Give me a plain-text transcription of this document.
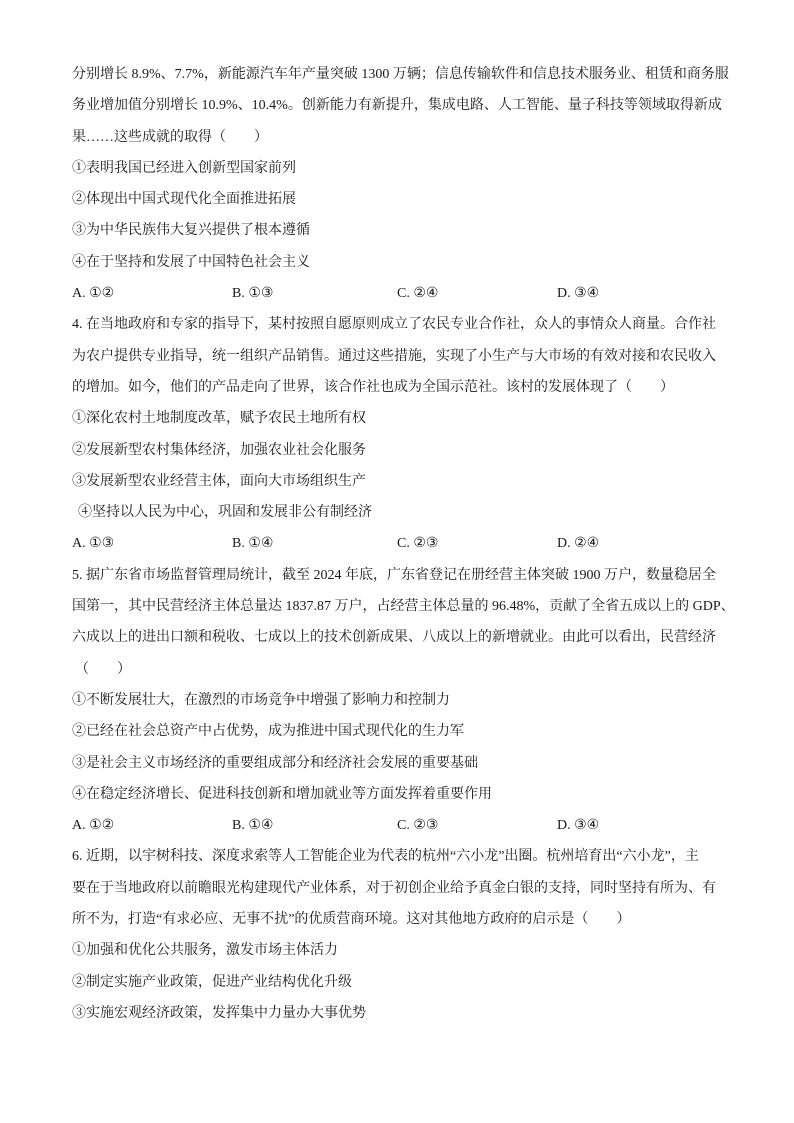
分别增长 8.9%、7.7%，新能源汽车年产量突破 1300 万辆；信息传输软件和信息技术服务业、租赁和商务服
务业增加值分别增长 10.9%、10.4%。创新能力有新提升，集成电路、人工智能、量子科技等领域取得新成
果……这些成就的取得（　　）
①表明我国已经进入创新型国家前列
②体现出中国式现代化全面推进拓展
③为中华民族伟大复兴提供了根本遵循
④在于坚持和发展了中国特色社会主义
A. ①②	B. ①③	C. ②④	D. ③④
4. 在当地政府和专家的指导下，某村按照自愿原则成立了农民专业合作社，众人的事情众人商量。合作社
为农户提供专业指导，统一组织产品销售。通过这些措施，实现了小生产与大市场的有效对接和农民收入
的增加。如今，他们的产品走向了世界，该合作社也成为全国示范社。该村的发展体现了（　　）
①深化农村土地制度改革，赋予农民土地所有权
②发展新型农村集体经济，加强农业社会化服务
③发展新型农业经营主体，面向大市场组织生产
④坚持以人民为中心，巩固和发展非公有制经济
A. ①③	B. ①④	C. ②③	D. ②④
5. 据广东省市场监督管理局统计，截至 2024 年底，广东省登记在册经营主体突破 1900 万户，数量稳居全
国第一，其中民营经济主体总量达 1837.87 万户，占经营主体总量的 96.48%，贡献了全省五成以上的 GDP、
六成以上的进出口额和税收、七成以上的技术创新成果、八成以上的新增就业。由此可以看出，民营经济
（　　）
①不断发展壮大，在激烈的市场竞争中增强了影响力和控制力
②已经在社会总资产中占优势，成为推进中国式现代化的生力军
③是社会主义市场经济的重要组成部分和经济社会发展的重要基础
④在稳定经济增长、促进科技创新和增加就业等方面发挥着重要作用
A. ①②	B. ①④	C. ②③	D. ③④
6. 近期，以宇树科技、深度求索等人工智能企业为代表的杭州“六小龙”出圈。杭州培育出“六小龙”，主
要在于当地政府以前瞻眼光构建现代产业体系，对于初创企业给予真金白银的支持，同时坚持有所为、有
所不为，打造“有求必应、无事不扰”的优质营商环境。这对其他地方政府的启示是（　　）
①加强和优化公共服务，激发市场主体活力
②制定实施产业政策，促进产业结构优化升级
③实施宏观经济政策，发挥集中力量办大事优势
